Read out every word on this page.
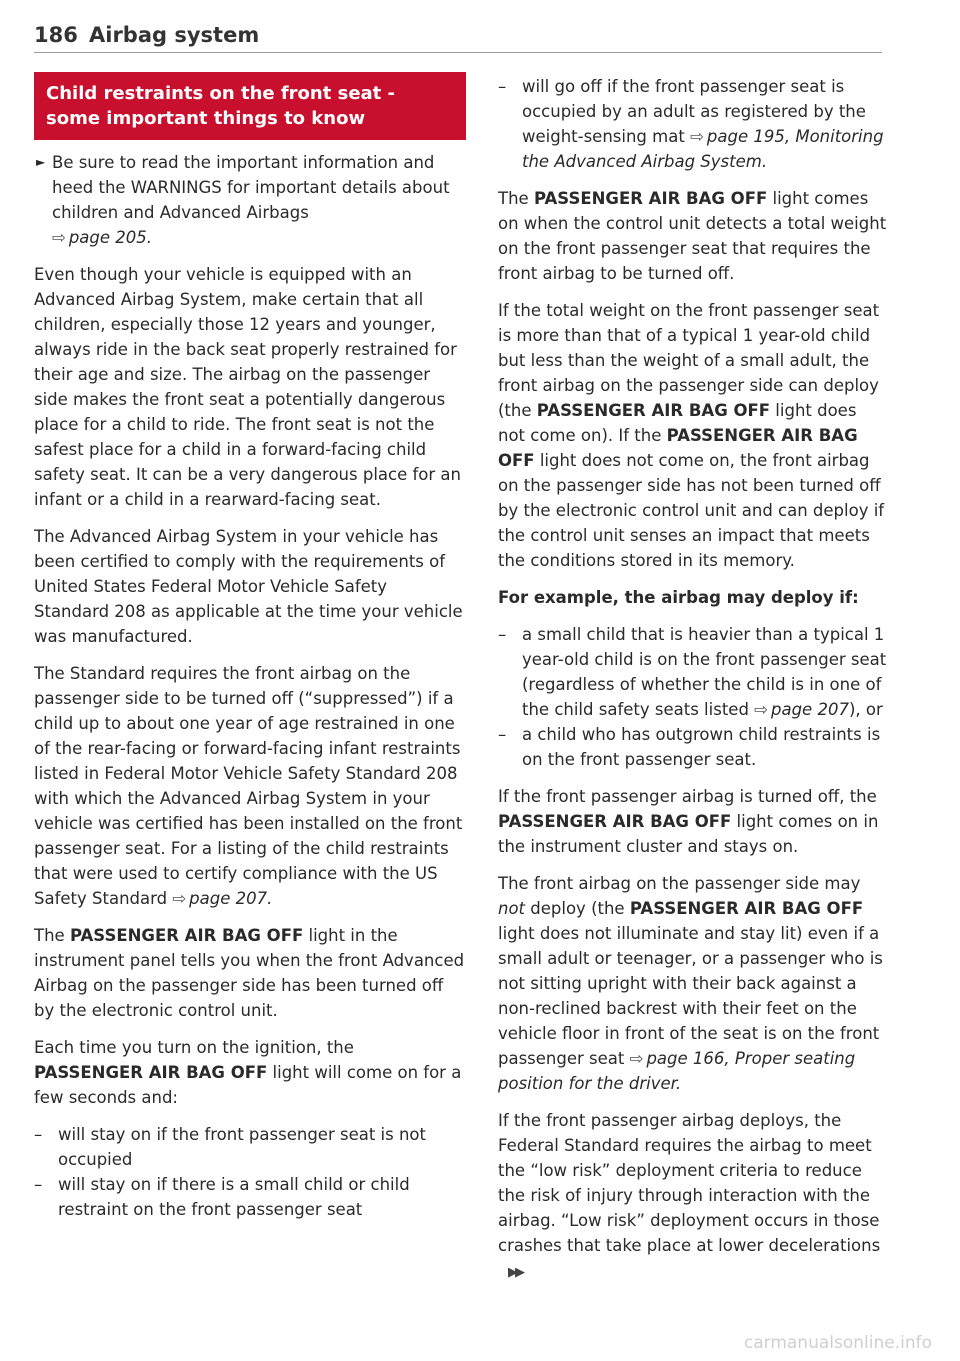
186 Airbag system
Child restraints on the front seat - some important things to know
► Be sure to read the important information and heed the WARNINGS for important details about children and Advanced Airbags
⇨ page 205.

Even though your vehicle is equipped with an Advanced Airbag System, make certain that all children, especially those 12 years and younger, always ride in the back seat properly restrained for their age and size. The airbag on the passenger side makes the front seat a potentially dangerous place for a child to ride. The front seat is not the safest place for a child in a forward-facing child safety seat. It can be a very dangerous place for an infant or a child in a rearward-facing seat.

The Advanced Airbag System in your vehicle has been certified to comply with the requirements of United States Federal Motor Vehicle Safety Standard 208 as applicable at the time your vehicle was manufactured.

The Standard requires the front airbag on the passenger side to be turned off (“suppressed”) if a child up to about one year of age restrained in one of the rear-facing or forward-facing infant restraints listed in Federal Motor Vehicle Safety Standard 208 with which the Advanced Airbag System in your vehicle was certified has been installed on the front passenger seat. For a listing of the child restraints that were used to certify compliance with the US Safety Standard ⇨ page 207.

The PASSENGER AIR BAG OFF light in the instrument panel tells you when the front Advanced Airbag on the passenger side has been turned off by the electronic control unit.

Each time you turn on the ignition, the PASSENGER AIR BAG OFF light will come on for a few seconds and:

– will stay on if the front passenger seat is not occupied
– will stay on if there is a small child or child restraint on the front passenger seat
– will go off if the front passenger seat is occupied by an adult as registered by the weight-sensing mat ⇨ page 195, Monitoring the Advanced Airbag System.

The PASSENGER AIR BAG OFF light comes on when the control unit detects a total weight on the front passenger seat that requires the front airbag to be turned off.

If the total weight on the front passenger seat is more than that of a typical 1 year-old child but less than the weight of a small adult, the front airbag on the passenger side can deploy (the PASSENGER AIR BAG OFF light does not come on). If the PASSENGER AIR BAG OFF light does not come on, the front airbag on the passenger side has not been turned off by the electronic control unit and can deploy if the control unit senses an impact that meets the conditions stored in its memory.

For example, the airbag may deploy if:
– a small child that is heavier than a typical 1 year-old child is on the front passenger seat (regardless of whether the child is in one of the child safety seats listed ⇨ page 207), or
– a child who has outgrown child restraints is on the front passenger seat.

If the front passenger airbag is turned off, the PASSENGER AIR BAG OFF light comes on in the instrument cluster and stays on.

The front airbag on the passenger side may not deploy (the PASSENGER AIR BAG OFF light does not illuminate and stay lit) even if a small adult or teenager, or a passenger who is not sitting upright with their back against a non-reclined backrest with their feet on the vehicle floor in front of the seat is on the front passenger seat ⇨ page 166, Proper seating position for the driver.

If the front passenger airbag deploys, the Federal Standard requires the airbag to meet the “low risk” deployment criteria to reduce the risk of injury through interaction with the airbag. “Low risk” deployment occurs in those crashes that take place at lower decelerations ▶▶

carmanualsonline.info
